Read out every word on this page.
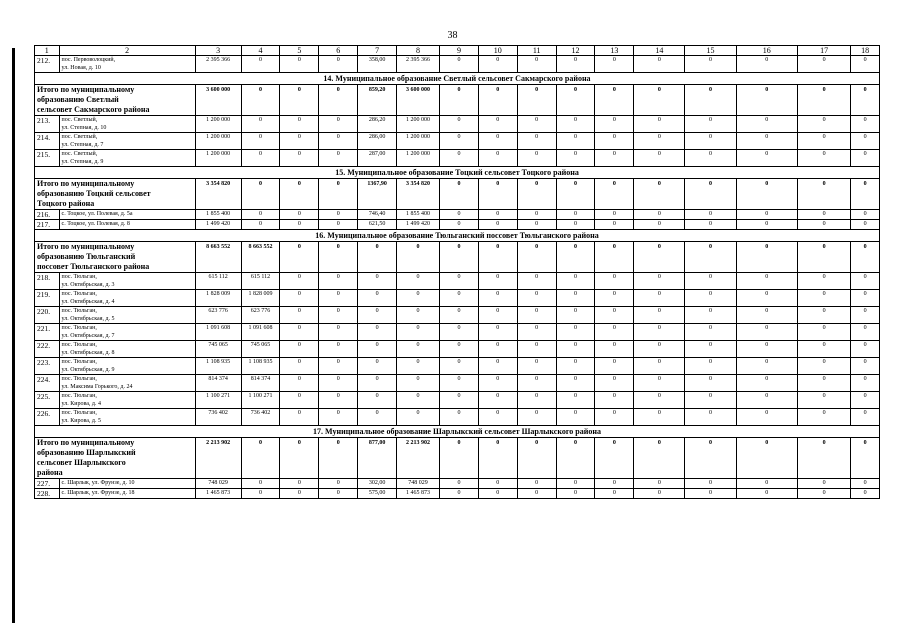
38
1	2	3	4	5	6	7	8	9	10	11	12	13	14	15	16	17	18
212.	пос. Первоволоцкий,
ул. Новая, д. 10	2 395 366	0	0	0	358,00	2 395 366	0	0	0	0	0	0	0	0	0	0
14. Муниципальное образование Светлый сельсовет Сакмарского района																	
Итого по муниципальному
образованию Светлый
сельсовет Сакмарского района		3 600 000	0	0	0	859,20	3 600 000	0	0	0	0	0	0	0	0	0	0
213.	пос. Светлый,
ул. Степная, д. 10	1 200 000	0	0	0	286,20	1 200 000	0	0	0	0	0	0	0	0	0	0
214.	пос. Светлый,
ул. Степная, д. 7	1 200 000	0	0	0	286,00	1 200 000	0	0	0	0	0	0	0	0	0	0
215.	пос. Светлый,
ул. Степная, д. 9	1 200 000	0	0	0	287,00	1 200 000	0	0	0	0	0	0	0	0	0	0
15. Муниципальное образование Тоцкий сельсовет Тоцкого района																	
Итого по муниципальному
образованию Тоцкий сельсовет
Тоцкого района		3 354 820	0	0	0	1367,90	3 354 820	0	0	0	0	0	0	0	0	0	0
216.	с. Тоцкое, ул. Полевая, д. 5а	1 855 400	0	0	0	746,40	1 855 400	0	0	0	0	0	0	0	0	0	0
217.	с. Тоцкое, ул. Полевая, д. 8	1 499 420	0	0	0	621,50	1 499 420	0	0	0	0	0	0	0	0	0	0
16. Муниципальное образование Тюльганский поссовет Тюльганского района																	
Итого по муниципальному
образованию Тюльганский
поссовет Тюльганского района		8 663 552	8 663 552	0	0	0	0	0	0	0	0	0	0	0	0	0	0
218.	пос. Тюльган,
ул. Октябрьская, д. 3	615 112	615 112	0	0	0	0	0	0	0	0	0	0	0	0	0	0
219.	пос. Тюльган,
ул. Октябрьская, д. 4	1 828 009	1 828 009	0	0	0	0	0	0	0	0	0	0	0	0	0	0
220.	пос. Тюльган,
ул. Октябрьская, д. 5	623 776	623 776	0	0	0	0	0	0	0	0	0	0	0	0	0	0
221.	пос. Тюльган,
ул. Октябрьская, д. 7	1 091 608	1 091 608	0	0	0	0	0	0	0	0	0	0	0	0	0	0
222.	пос. Тюльган,
ул. Октябрьская, д. 8	745 065	745 065	0	0	0	0	0	0	0	0	0	0	0	0	0	0
223.	пос. Тюльган,
ул. Октябрьская, д. 9	1 108 935	1 108 935	0	0	0	0	0	0	0	0	0	0	0	0	0	0
224.	пос. Тюльган,
ул. Максима Горького, д. 24	814 374	814 374	0	0	0	0	0	0	0	0	0	0	0	0	0	0
225.	пос. Тюльган,
ул. Кирова, д. 4	1 100 271	1 100 271	0	0	0	0	0	0	0	0	0	0	0	0	0	0
226.	пос. Тюльган,
ул. Кирова, д. 5	736 402	736 402	0	0	0	0	0	0	0	0	0	0	0	0	0	0
17. Муниципальное образование Шарлыкский сельсовет Шарлыкского района																	
Итого по муниципальному
образованию Шарлыкский
сельсовет Шарлыкского
района		2 213 902	0	0	0	877,00	2 213 902	0	0	0	0	0	0	0	0	0	0
227.	с. Шарлык, ул. Фрунзе, д. 10	748 029	0	0	0	302,00	748 029	0	0	0	0	0	0	0	0	0	0
228.	с. Шарлык, ул. Фрунзе, д. 18	1 465 873	0	0	0	575,00	1 465 873	0	0	0	0	0	0	0	0	0	0
